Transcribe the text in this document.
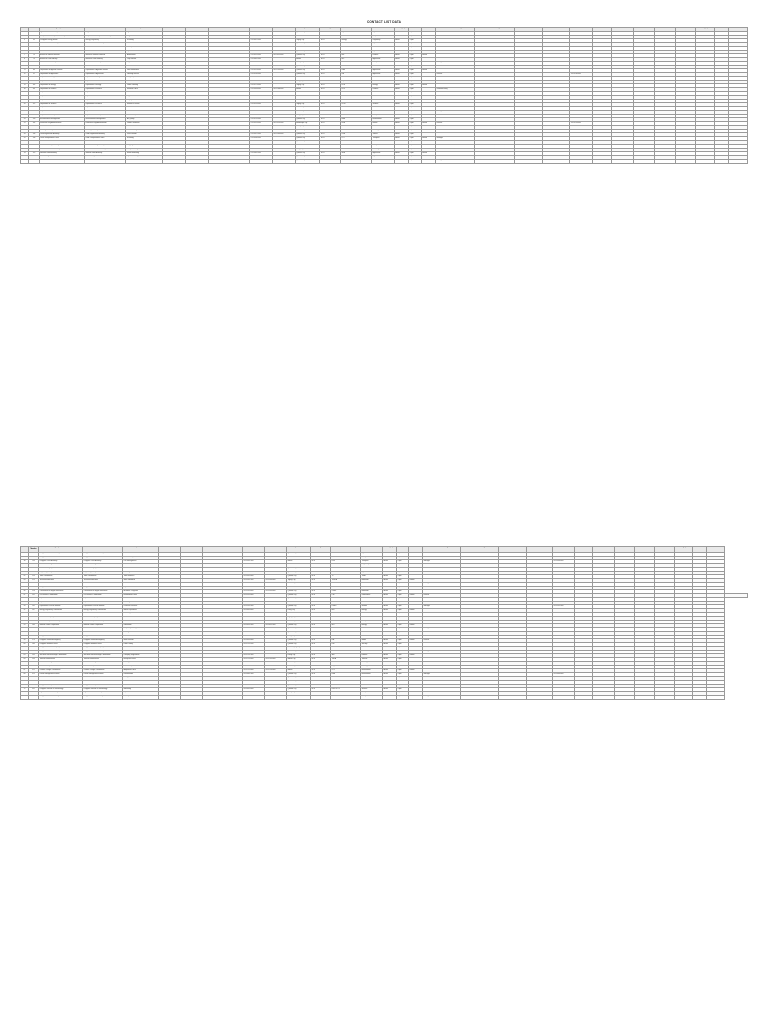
CONTACT LIST DATA
No.	ID Number	Agency/Institution	Official Name	Specific Name	Contact Name 1	Contact Name 2	Email Addresses	Tel. Number	Fax	City / Province	Region	Contact Number	Communication	Category	Status	Action Taken	Contact Person / Designation	Contact Person Designation 2	Contact Person Email	Email Addresses 2	Tel. Number 2	Fax 2	Tel. Number 3	Telefax Number	Contact Details	Communication 2	Category 2	Website	Status 2
1	42	Agricultural Credit Policy	Regional Office 1	Agriculture Division				012-0003-000	012-0004-000	Quezon City	NCR	Agriculture Division	Agriculture	Active	Open	Issued													
2	44	Cooperative Development Authority	Cooperative Development Authority	Registration Division				012-0015-000	012-0016-000	Metro Manila	NCR	CDA	Cooperative	Active	Open														
3	49	Philippine Energy Board	Energy Regulatory	Licensing				012-0027-000		Taguig City	NCR	Energy	Regulatory	Active	Open														
4	53	Bureau of Animal Industry	Bureau of Animal Industry	Livestock Section				012-0039-000		Quezon City	NCR	BAI	Agriculture	Active	Open														
5	61	Bureau of Customs	Bureau of Customs	Port Operations				012-0051-000	012-0052-000	Manila	NCR	BOC	Finance	Active	Open	Issued	Director	Assistant Director			012-0053-000								
6	67	Bureau of Fisheries	Bureau of Fisheries	Aquatic Resources				012-0063-000		Quezon City	NCR	BFAR	Agriculture	Active	Open														
7	70	Bureau of Internal Revenue	Bureau of Internal Revenue	Assessment				012-0075-000	012-0076-000	Quezon City	NCR	BIR	Finance	Active	Open	Issued													
8	74	Bureau of Plant Industry	Bureau of Plant Industry	Crop Section				012-0087-000		Manila	NCR	BPI	Agriculture	Active	Open														
9	78	Civil Aviation Authority	Civil Aviation Authority	Flight Standards				012-0099-000	012-0100-000	Pasay City	NCR	CAA	Transport	Active	Open	Issued	Manager												
10	83	Commission on Audit	Commission on Audit	Audit Services				012-0111-000		Quezon City	NCR	COA	Audit	Active	Open														
11	86	Department of Agrarian Reform	Department of Agrarian Reform	Land Distribution				012-0123-000	012-0124-000	Quezon City	NCR	DAR	Agriculture	Active	Open	Issued													
12	91	Department of Agriculture	Department of Agriculture	Planning Service				012-0135-000		Quezon City	NCR	DA	Agriculture	Active	Open		Director				012-0136-000								
13	95	Department of Budget	Department of Budget	Budget Operations				012-0147-000		Manila	NCR	DBM	Finance	Active	Open	Issued													
14	98	Department of Education	Department of Education	Curriculum				012-0159-000	012-0160-000	Pasig City	NCR	DepEd	Education	Active	Open														
15	102	Department of Energy	Department of Energy	Power Planning				012-0171-000		Taguig City	NCR	DOE	Energy	Active	Open	Issued													
16	107	Department of Finance	Department of Finance	Revenue Office				012-0183-000	012-0184-000	Manila	NCR	DOF	Finance	Active	Open		Undersecretary												
17	111	Department of Health	Department of Health	Health Promotion				012-0195-000		Manila	NCR	DOH	Health	Active	Open	Issued													
18	115	Department of Justice	Department of Justice	Legal Staff				012-0207-000		Manila	NCR	DOJ	Justice	Active	Open														
19	118	Department of Labor	Department of Labor	Employment Bureau				012-0219-000	012-0220-000	Manila	NCR	DOLE	Labor	Active	Open	Issued	Director				012-0221-000								
20	122	Department of Science	Department of Science	Research Council				012-0231-000		Taguig City	NCR	DOST	Science	Active	Open														
21	126	Department of Tourism	Department of Tourism	Promotions				012-0243-000		Makati City	NCR	DOT	Tourism	Active	Open	Issued													
22	131	Department of Trade	Department of Trade	Consumer Protection				012-0255-000	012-0256-000	Makati City	NCR	DTI	Trade	Active	Open		Manager												
23	135	Department of Transportation	Department of Transportation	Land Transport				012-0267-000		Pasig City	NCR	DOTr	Transport	Active	Open	Issued													
24	139	Environmental Management	Environmental Management	Air Quality				012-0279-000		Quezon City	NCR	EMB	Environment	Active	Open														
25	142	Food and Drug Administration	Food and Drug Administration	Product Research				012-0291-000	012-0292-000	Muntinlupa City	NCR	FDA	Health	Active	Open	Issued	Director				012-0293-000								
26	147	Government Service Insurance	Government Service Insurance	Member Services				012-0303-000		Pasay City	NCR	GSIS	Finance	Active	Open														
27	151	Housing Authority	Housing Authority	Estate Management				012-0315-000		Quezon City	NCR	NHA	Housing	Active	Open	Issued													
28	154	Land Registration Authority	Land Registration Authority	Titles Division				012-0327-000	012-0328-000	Quezon City	NCR	LRA	Justice	Active	Open														
29	158	Land Transportation Office	Land Transportation Office	Licensing				012-0339-000		Quezon City	NCR	LTO	Transport	Active	Open	Issued	Manager												
30	163	Local Water Utilities	Local Water Utilities	Water Districts				012-0351-000		Quezon City	NCR	LWUA	Utilities	Active	Open														
31	167	Maritime Industry Authority	Maritime Industry Authority	Shipping Services				012-0363-000	012-0364-000	Manila	NCR	MARINA	Transport	Active	Open	Issued													
32	170	National Economic Authority	National Economic Authority	Policy Planning				012-0375-000		Pasig City	NCR	NEDA	Planning	Active	Open		Director				012-0376-000								
33	174	National Food Authority	National Food Authority	Grains Marketing				012-0387-000		Quezon City	NCR	NFA	Agriculture	Active	Open	Issued													
34	179	National Irrigation Administration	National Irrigation Administration	Systems Management				012-0399-000	012-0400-000	Quezon City	NCR	NIA	Agriculture	Active	Open														
35	183	National Statistics Office	National Statistics Office	Census Division				012-0411-000		Quezon City	NCR	PSA	Statistics	Active	Open	Issued	Manager												
No.	ID Number	Agency/Institution	Official Name	Specific Name	Contact Name 1	Contact Name 2	Email Addresses	Tel. Number	Fax	City / Province	Region	Contact Number	Communication	Category	Status	Action Taken	Contact Person / Designation	Contact Person Designation 2	Contact Person Email	Email Addresses 2	Tel. Number 2	Fax 2	Tel. Number 3	Telefax Number	Contact Details	Communication 2	Category 2	Website	Status 2	
36	187	Philippine Coconut Authority	Philippine Coconut Authority	Research Branch				012-0423-000		Quezon City	NCR	PCA	Agriculture	Active	Open															
37	190	Philippine Coast Guard	Philippine Coast Guard	Marine Safety				012-0435-000	012-0436-000	Manila	NCR	PCG	Transport	Active	Open	Issued														
38	194	Philippine Ports Authority	Philippine Ports Authority	Port Management				012-0447-000		Manila	NCR	PPA	Transport	Active	Open		Manager				012-0448-000									
39	199	Professional Regulation	Professional Regulation	Licensure Office				012-0459-000		Manila	NCR	PRC	Regulatory	Active	Open	Issued														
40	203	Social Security System	Social Security System	Benefits Division				012-0471-000	012-0472-000	Quezon City	NCR	SSS	Finance	Active	Open															
41	206	Sugar Regulatory Administration	Sugar Regulatory Administration	Planning Office				012-0483-000		Quezon City	NCR	SRA	Agriculture	Active	Open	Issued	Director													
42	210	Tariff Commission	Tariff Commission	Tariff Research				012-0495-000		Quezon City	NCR	TC	Trade	Active	Open															
43	215	Technical Education	Technical Education	Skills Standards				012-0507-000	012-0508-000	Taguig City	NCR	TESDA	Education	Active	Open	Issued														
44	219	Board of Investments	Board of Investments	Investment Promotion				012-0519-000		Makati City	NCR	BOI	Trade	Active	Open		Manager				012-0520-000									
45	222	Bangko Sentral	Bangko Sentral	Supervision Sector				012-0531-000		Manila	NCR	BSP	Finance	Active	Open	Issued														
46	226	Commission on Higher Education	Commission on Higher Education	Academic Programs				012-0543-000	012-0544-000	Quezon City	NCR	CHED	Education	Active	Open															
47	231	Civil Service Commission	Civil Service Commission	Examination Office				012-0555-000		Quezon City	NCR	CSC	Governance	Active	Open	Issued	Director													
48	235	Department of Interior	Department of Interior	Local Government				012-0567-000		Quezon City	NCR	DILG	Governance	Active	Open															
49	238	Department of Public Works	Department of Public Works	Planning Service				012-0579-000	012-0580-000	Manila	NCR	DPWH	Infrastructure	Active	Open	Issued														
50	242	Department of Social Welfare	Department of Social Welfare	Protective Services				012-0591-000		Quezon City	NCR	DSWD	Welfare	Active	Open		Manager				012-0592-000									
51	247	Energy Regulatory Commission	Energy Regulatory Commission	Market Operations				012-0603-000		Pasig City	NCR	ERC	Energy	Active	Open	Issued														
52	251	Insurance Commission	Insurance Commission	Licensing Division				012-0615-000	012-0616-000	Manila	NCR	IC	Finance	Active	Open															
53	254	Intellectual Property Office	Intellectual Property Office	Patents Bureau				012-0627-000		Taguig City	NCR	IPO	Trade	Active	Open	Issued	Director													
54	258	Metro Development Authority	Metro Development Authority	Traffic Office				012-0639-000		Makati City	NCR	MMDA	Transport	Active	Open															
55	263	National Power Corporation	National Power Corporation	Generation				012-0651-000	012-0652-000	Quezon City	NCR	NPC	Energy	Active	Open	Issued														
56	267	National Telecommunications	National Telecommunications	Frequency Management				012-0663-000		Quezon City	NCR	NTC	Utilities	Active	Open		Manager				012-0664-000									
57	270	Office of the Ombudsman	Office of the Ombudsman	Investigation				012-0675-000		Quezon City	NCR	OMB	Justice	Active	Open	Issued														
58	274	Philippine Health Insurance	Philippine Health Insurance	Member Services				012-0687-000	012-0688-000	Pasig City	NCR	PhilHealth	Health	Active	Open															
59	279	Philippine Information Agency	Philippine Information Agency	News Division				012-0699-000		Quezon City	NCR	PIA	Media	Active	Open	Issued	Director													
60	283	Philippine National Police	Philippine National Police	Public Safety				012-0711-000		Quezon City	NCR	PNP	Security	Active	Open															
61	286	Philippine Overseas Employment	Philippine Overseas Employment	Welfare Office				012-0723-000	012-0724-000	Mandaluyong City	NCR	POEA	Labor	Active	Open	Issued														
62	290	Philippine Statistics Authority	Philippine Statistics Authority	Data Services				012-0735-000		Quezon City	NCR	PSA	Statistics	Active	Open		Manager				012-0736-000									
63	295	Securities and Exchange Commission	Securities and Exchange Commission	Company Registration				012-0747-000		Pasay City	NCR	SEC	Finance	Active	Open	Issued														
64	299	Tourism Infrastructure	Tourism Infrastructure	Enterprise Zones				012-0759-000	012-0760-000	Makati City	NCR	TIEZA	Tourism	Active	Open															
65	302	National Housing Finance	National Housing Finance	Lending Office				012-0771-000		Makati City	NCR	NHMFC	Housing	Active	Open	Issued	Director													
66	306	Home Development Mutual Fund	Home Development Mutual Fund	Membership				012-0783-000		Makati City	NCR	Pag-IBIG	Housing	Active	Open															
67	311	Climate Change Commission	Climate Change Commission	Adaptation Office				012-0795-000	012-0796-000	Manila	NCR	CCC	Environment	Active	Open	Issued														
68	315	Forest Management Bureau	Forest Management Bureau	Reforestation				012-0807-000		Quezon City	NCR	FMB	Environment	Active	Open		Manager				012-0808-000									
69	318	Mines and Geosciences Bureau	Mines and Geosciences Bureau	Mining Tenements				012-0819-000		Quezon City	NCR	MGB	Environment	Active	Open	Issued														
70	322	National Water Resources	National Water Resources	Water Permits				012-0831-000	012-0832-000	Quezon City	NCR	NWRB	Utilities	Active	Open															
71	327	Philippine Atmospheric Services	Philippine Atmospheric Services	Weather Division				012-0843-000		Quezon City	NCR	PAGASA	Science	Active	Open	Issued	Director													
72	331	Philippine Institute of Volcanology	Philippine Institute of Volcanology	Monitoring				012-0855-000		Quezon City	NCR	PHIVOLCS	Science	Active	Open															
73	334	Light Rail Transit Authority	Light Rail Transit Authority	Operations				012-0867-000	012-0868-000	Pasay City	NCR	LRTA	Transport	Active	Open	Issued														
74	338	Philippine National Railways	Philippine National Railways	Rail Operations				012-0879-000		Manila	NCR	PNR	Transport	Active	Open		Manager				012-0880-000									
